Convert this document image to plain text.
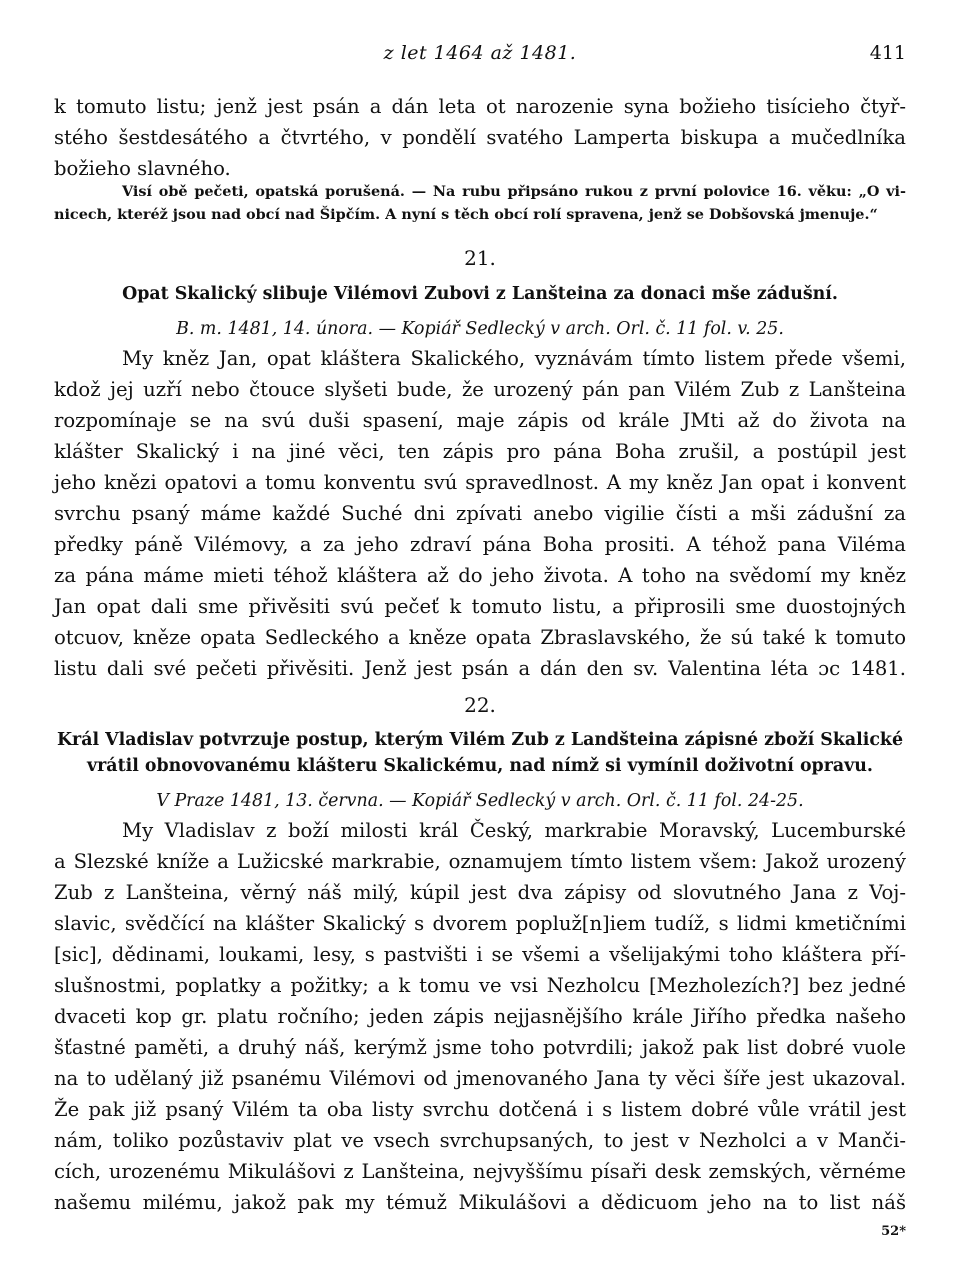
z let 1464 až 1481.	411
k tomuto listu; jenž jest psán a dán leta ot narozenie syna božieho tisícieho čtyř-
stého šestdesátého a čtvrtého, v pondělí svatého Lamperta biskupa a mučedlníka
božieho slavného.
Visí obě pečeti, opatská porušená. — Na rubu připsáno rukou z první polovice 16. věku: „O vi-
nicech, kteréž jsou nad obcí nad Šipčím. A nyní s těch obcí rolí spravena, jenž se Dobšovská jmenuje.“
21.
Opat Skalický slibuje Vilémovi Zubovi z Lanšteina za donaci mše zádušní.
B. m. 1481, 14. února. — Kopiář Sedlecký v arch. Orl. č. 11 fol. v. 25.
My kněz Jan, opat kláštera Skalického, vyznávám tímto listem přede všemi,
kdož jej uzří nebo čtouce slyšeti bude, že urozený pán pan Vilém Zub z Lanšteina
rozpomínaje se na svú duši spasení, maje zápis od krále JMti až do života na
klášter Skalický i na jiné věci, ten zápis pro pána Boha zrušil, a postúpil jest
jeho knězi opatovi a tomu konventu svú spravedlnost. A my kněz Jan opat i konvent
svrchu psaný máme každé Suché dni zpívati anebo vigilie čísti a mši zádušní za
předky páně Vilémovy, a za jeho zdraví pána Boha prositi. A téhož pana Viléma
za pána máme mieti téhož kláštera až do jeho života. A toho na svědomí my kněz
Jan opat dali sme přivěsiti svú pečeť k tomuto listu, a připrosili sme duostojných
otcuov, kněze opata Sedleckého a kněze opata Zbraslavského, že sú také k tomuto
listu dali své pečeti přivěsiti. Jenž jest psán a dán den sv. Valentina léta ɔc 1481.
22.
Král Vladislav potvrzuje postup, kterým Vilém Zub z Landšteina zápisné zboží Skalické
vrátil obnovovanému klášteru Skalickému, nad nímž si vymínil doživotní opravu.
V Praze 1481, 13. června. — Kopiář Sedlecký v arch. Orl. č. 11 fol. 24-25.
My Vladislav z boží milosti král Český, markrabie Moravský, Lucemburské
a Slezské kníže a Lužicské markrabie, oznamujem tímto listem všem: Jakož urozený
Zub z Lanšteina, věrný náš milý, kúpil jest dva zápisy od slovutného Jana z Voj-
slavic, svědčící na klášter Skalický s dvorem popluž[n]iem tudíž, s lidmi kmetičními
[sic], dědinami, loukami, lesy, s pastvišti i se všemi a všelijakými toho kláštera pří-
slušnostmi, poplatky a požitky; a k tomu ve vsi Nezholcu [Mezholezích?] bez jedné
dvaceti kop gr. platu ročního; jeden zápis nejjasnějšího krále Jiřího předka našeho
šťastné paměti, a druhý náš, kerýmž jsme toho potvrdili; jakož pak list dobré vuole
na to udělaný již psanému Vilémovi od jmenovaného Jana ty věci šíře jest ukazoval.
Že pak již psaný Vilém ta oba listy svrchu dotčená i s listem dobré vůle vrátil jest
nám, toliko pozůstaviv plat ve vsech svrchupsaných, to jest v Nezholci a v Manči-
cích, urozenému Mikulášovi z Lanšteina, nejvyššímu písaři desk zemských, věrnéme
našemu milému, jakož pak my témuž Mikulášovi a dědicuom jeho na to list náš
52*
